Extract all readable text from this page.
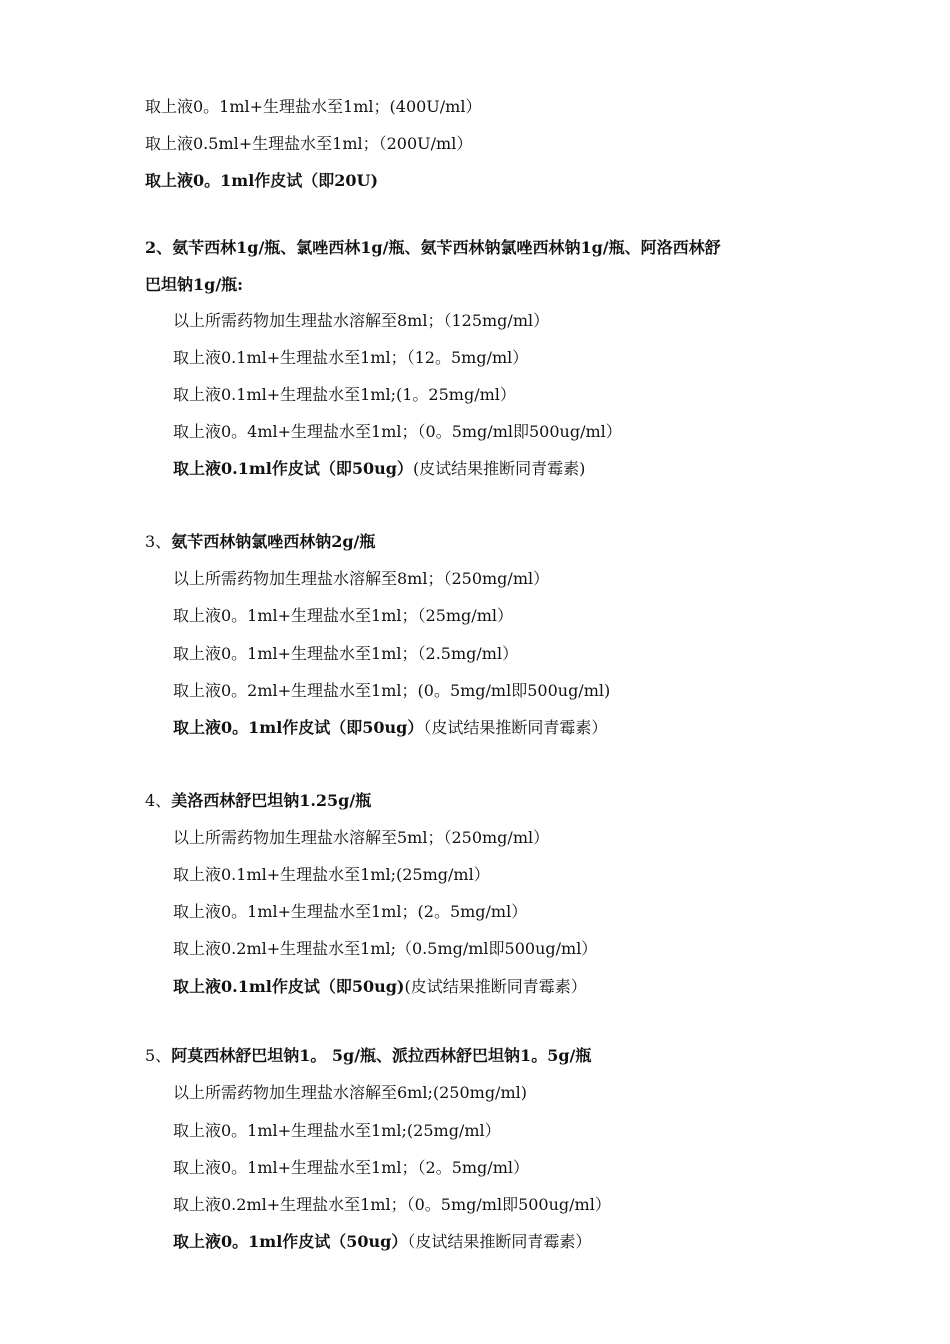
取上液0。1ml+生理盐水至1ml；(400U/ml）
取上液0.5ml+生理盐水至1ml；（200U/ml）
取上液0。1ml作皮试（即20U)
2、氨苄西林1g/瓶、氯唑西林1g/瓶、氨苄西林钠氯唑西林钠1g/瓶、阿洛西林舒
巴坦钠1g/瓶:
以上所需药物加生理盐水溶解至8ml；（125mg/ml）
取上液0.1ml+生理盐水至1ml；（12。5mg/ml）
取上液0.1ml+生理盐水至1ml;(1。25mg/ml）
取上液0。4ml+生理盐水至1ml；（0。5mg/ml即500ug/ml）
取上液0.1ml作皮试（即50ug）(皮试结果推断同青霉素)
3、氨苄西林钠氯唑西林钠2g/瓶
以上所需药物加生理盐水溶解至8ml；（250mg/ml）
取上液0。1ml+生理盐水至1ml；（25mg/ml）
取上液0。1ml+生理盐水至1ml；（2.5mg/ml）
取上液0。2ml+生理盐水至1ml；(0。5mg/ml即500ug/ml)
取上液0。1ml作皮试（即50ug）（皮试结果推断同青霉素）
4、美洛西林舒巴坦钠1.25g/瓶
以上所需药物加生理盐水溶解至5ml；（250mg/ml）
取上液0.1ml+生理盐水至1ml;(25mg/ml）
取上液0。1ml+生理盐水至1ml；(2。5mg/ml）
取上液0.2ml+生理盐水至1ml;（0.5mg/ml即500ug/ml）
取上液0.1ml作皮试（即50ug)(皮试结果推断同青霉素）
5、阿莫西林舒巴坦钠1。 5g/瓶、派拉西林舒巴坦钠1。5g/瓶
以上所需药物加生理盐水溶解至6ml;(250mg/ml)
取上液0。1ml+生理盐水至1ml;(25mg/ml）
取上液0。1ml+生理盐水至1ml；（2。5mg/ml）
取上液0.2ml+生理盐水至1ml；（0。5mg/ml即500ug/ml）
取上液0。1ml作皮试（50ug）（皮试结果推断同青霉素）
